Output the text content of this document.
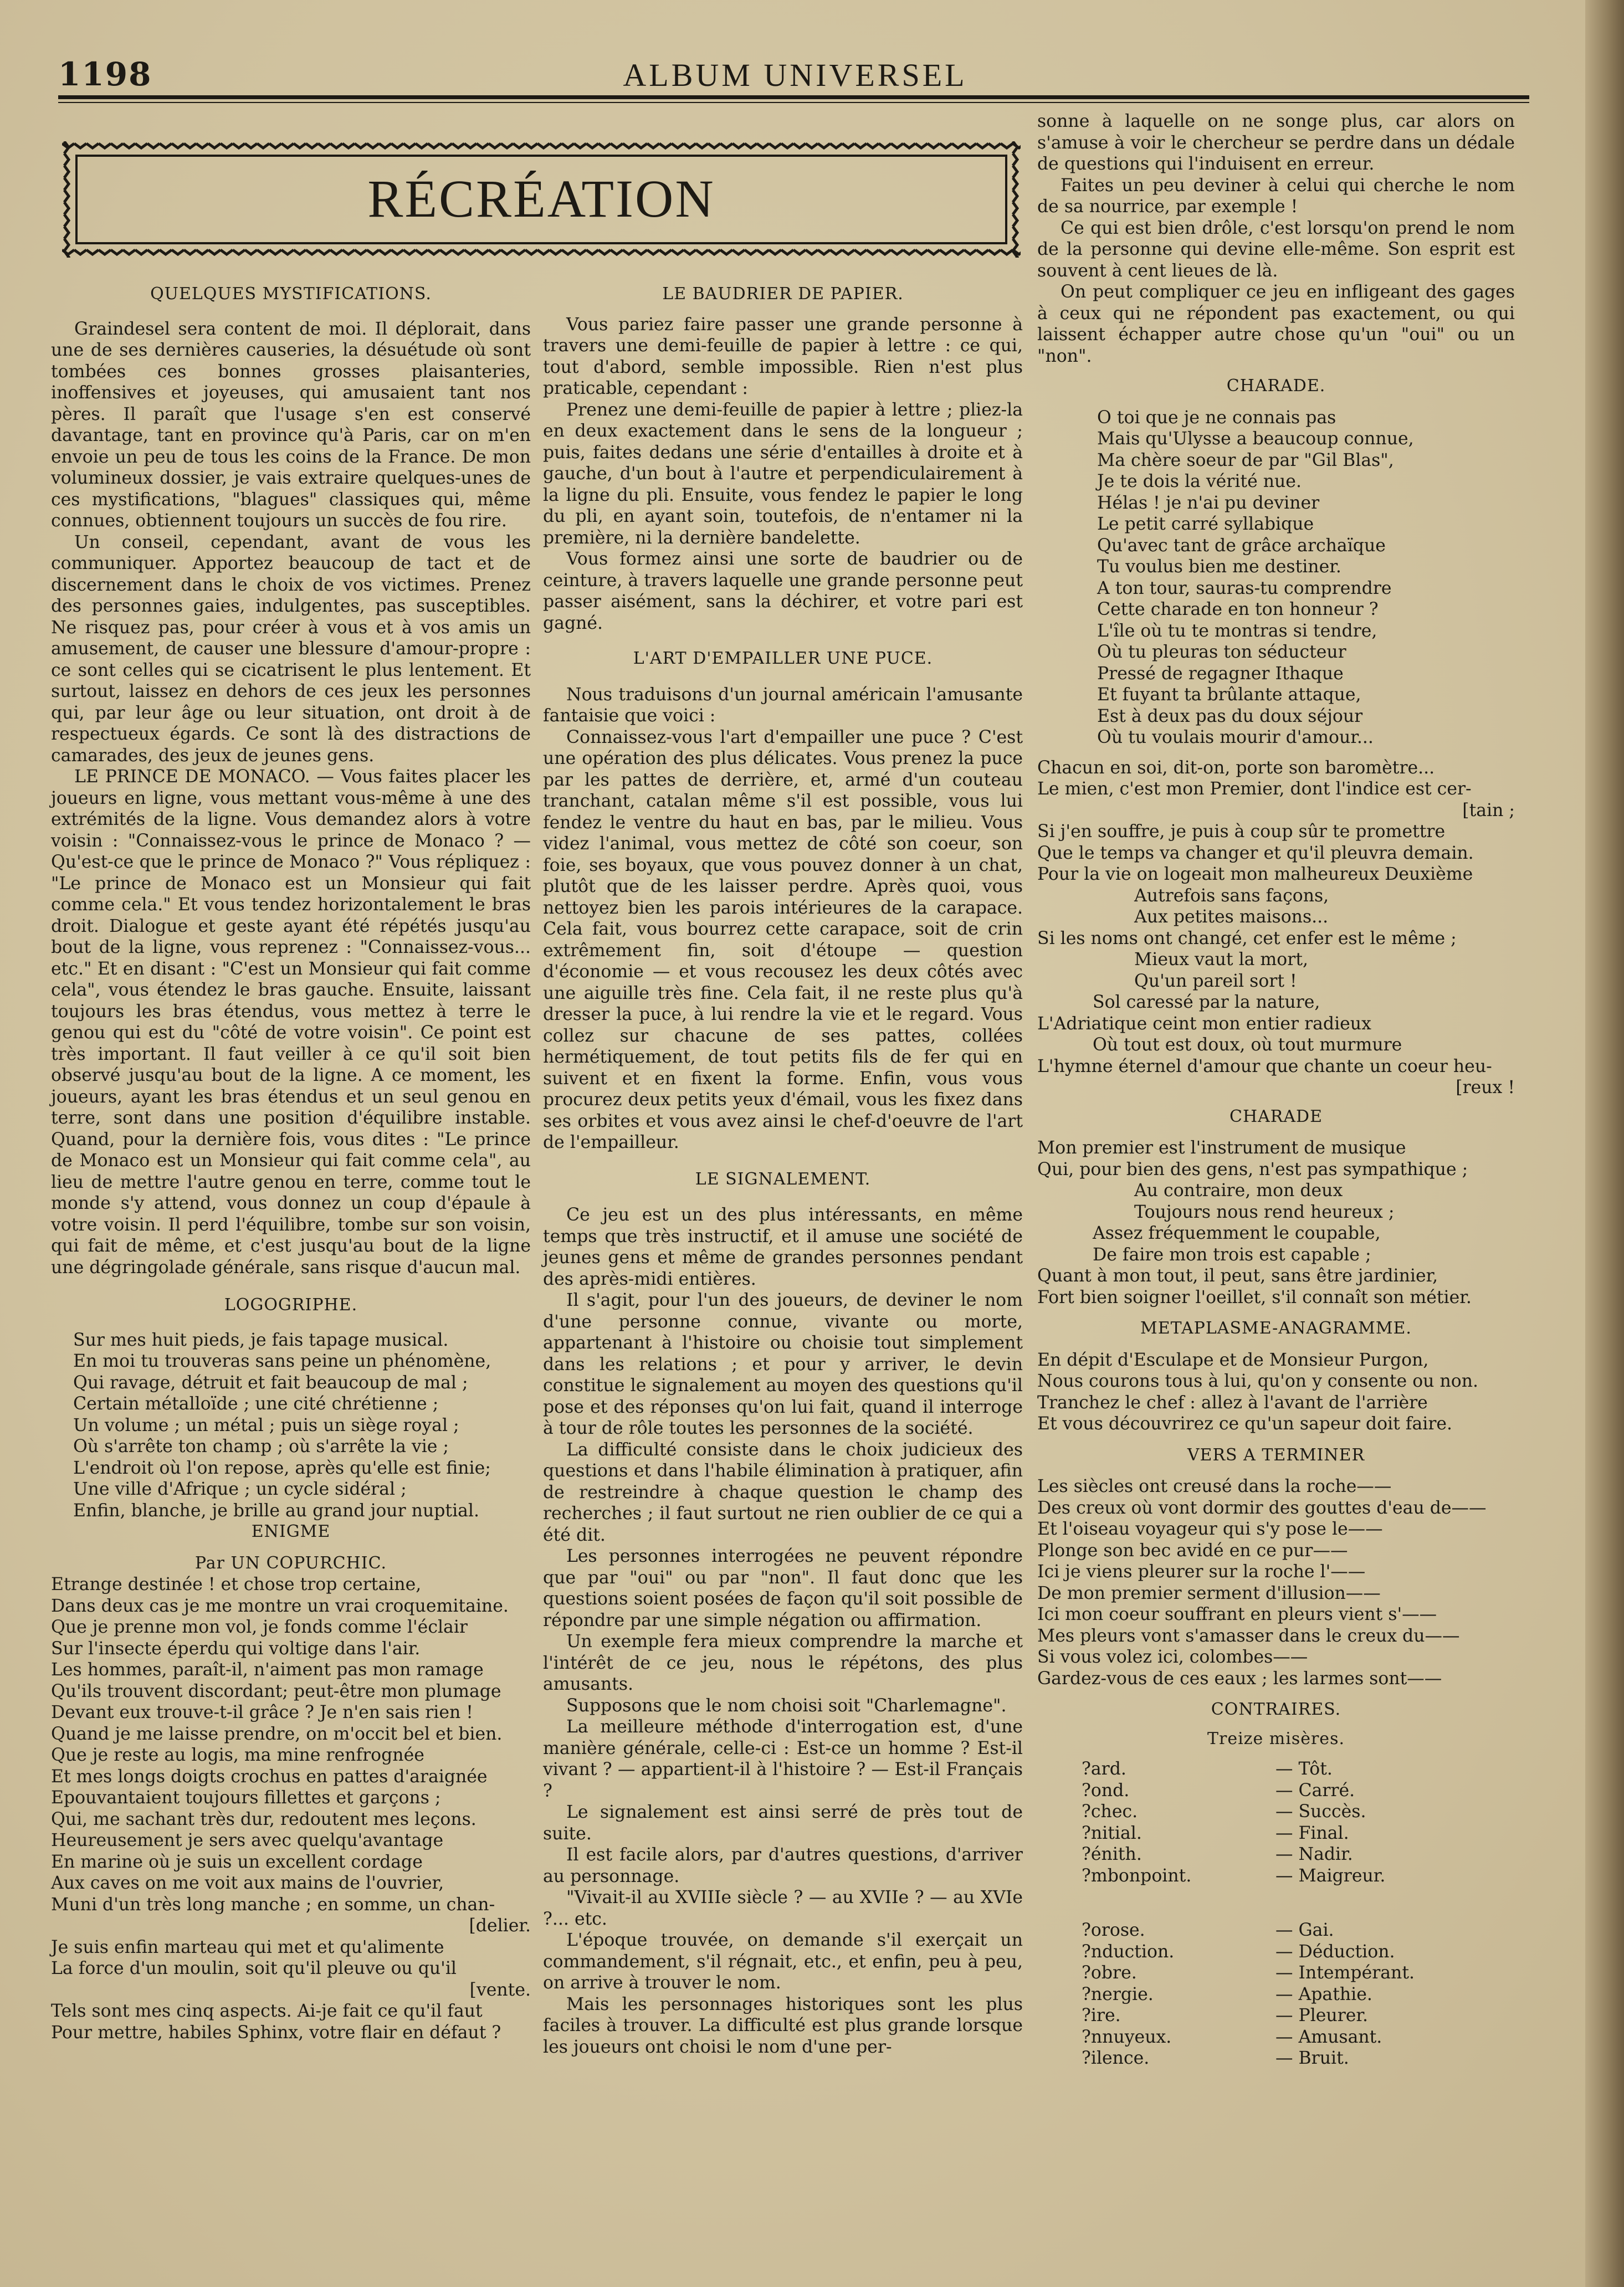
1198	ALBUM UNIVERSEL
RÉCRÉATION

QUELQUES MYSTIFICATIONS.

Graindesel sera content de moi. Il déplorait, dans une de ses dernières causeries, la désuétude où sont tombées ces bonnes grosses plaisanteries, inoffensives et joyeuses, qui amusaient tant nos pères. Il paraît que l'usage s'en est conservé davantage, tant en province qu'à Paris, car on m'en envoie un peu de tous les coins de la France. De mon volumineux dossier, je vais extraire quelques-unes de ces mystifications, "blagues" classiques qui, même connues, obtiennent toujours un succès de fou rire.

Un conseil, cependant, avant de vous les communiquer. Apportez beaucoup de tact et de discernement dans le choix de vos victimes. Prenez des personnes gaies, indulgentes, pas susceptibles. Ne risquez pas, pour créer à vous et à vos amis un amusement, de causer une blessure d'amour-propre : ce sont celles qui se cicatrisent le plus lentement. Et surtout, laissez en dehors de ces jeux les personnes qui, par leur âge ou leur situation, ont droit à de respectueux égards. Ce sont là des distractions de camarades, des jeux de jeunes gens.

LE PRINCE DE MONACO. — Vous faites placer les joueurs en ligne, vous mettant vous-même à une des extrémités de la ligne. Vous demandez alors à votre voisin : "Connaissez-vous le prince de Monaco ? — Qu'est-ce que le prince de Monaco ?" Vous répliquez : "Le prince de Monaco est un Monsieur qui fait comme cela." Et vous tendez horizontalement le bras droit. Dialogue et geste ayant été répétés jusqu'au bout de la ligne, vous reprenez : "Connaissez-vous... etc." Et en disant : "C'est un Monsieur qui fait comme cela", vous étendez le bras gauche. Ensuite, laissant toujours les bras étendus, vous mettez à terre le genou qui est du "côté de votre voisin". Ce point est très important. Il faut veiller à ce qu'il soit bien observé jusqu'au bout de la ligne. A ce moment, les joueurs, ayant les bras étendus et un seul genou en terre, sont dans une position d'équilibre instable. Quand, pour la dernière fois, vous dites : "Le prince de Monaco est un Monsieur qui fait comme cela", au lieu de mettre l'autre genou en terre, comme tout le monde s'y attend, vous donnez un coup d'épaule à votre voisin. Il perd l'équilibre, tombe sur son voisin, qui fait de même, et c'est jusqu'au bout de la ligne une dégringolade générale, sans risque d'aucun mal.

LOGOGRIPHE.

Sur mes huit pieds, je fais tapage musical.
En moi tu trouveras sans peine un phénomène,
Qui ravage, détruit et fait beaucoup de mal ;
Certain métalloïde ; une cité chrétienne ;
Un volume ; un métal ; puis un siège royal ;
Où s'arrête ton champ ; où s'arrête la vie ;
L'endroit où l'on repose, après qu'elle est finie;
Une ville d'Afrique ; un cycle sidéral ;
Enfin, blanche, je brille au grand jour nuptial.

ENIGME

Par UN COPURCHIC.

Etrange destinée ! et chose trop certaine,
Dans deux cas je me montre un vrai croquemitaine.
Que je prenne mon vol, je fonds comme l'éclair
Sur l'insecte éperdu qui voltige dans l'air.
Les hommes, paraît-il, n'aiment pas mon ramage
Qu'ils trouvent discordant; peut-être mon plumage
Devant eux trouve-t-il grâce ? Je n'en sais rien !
Quand je me laisse prendre, on m'occit bel et bien.
Que je reste au logis, ma mine renfrognée
Et mes longs doigts crochus en pattes d'araignée
Epouvantaient toujours fillettes et garçons ;
Qui, me sachant très dur, redoutent mes leçons.
Heureusement je sers avec quelqu'avantage
En marine où je suis un excellent cordage
Aux caves on me voit aux mains de l'ouvrier,
Muni d'un très long manche ; en somme, un chan-
[delier.
Je suis enfin marteau qui met et qu'alimente
La force d'un moulin, soit qu'il pleuve ou qu'il
[vente.
Tels sont mes cinq aspects. Ai-je fait ce qu'il faut
Pour mettre, habiles Sphinx, votre flair en défaut ?

LE BAUDRIER DE PAPIER.

Vous pariez faire passer une grande personne à travers une demi-feuille de papier à lettre : ce qui, tout d'abord, semble impossible. Rien n'est plus praticable, cependant :

Prenez une demi-feuille de papier à lettre ; pliez-la en deux exactement dans le sens de la longueur ; puis, faites dedans une série d'entailles à droite et à gauche, d'un bout à l'autre et perpendiculairement à la ligne du pli. Ensuite, vous fendez le papier le long du pli, en ayant soin, toutefois, de n'entamer ni la première, ni la dernière bandelette.

Vous formez ainsi une sorte de baudrier ou de ceinture, à travers laquelle une grande personne peut passer aisément, sans la déchirer, et votre pari est gagné.

L'ART D'EMPAILLER UNE PUCE.

Nous traduisons d'un journal américain l'amusante fantaisie que voici :

Connaissez-vous l'art d'empailler une puce ? C'est une opération des plus délicates. Vous prenez la puce par les pattes de derrière, et, armé d'un couteau tranchant, catalan même s'il est possible, vous lui fendez le ventre du haut en bas, par le milieu. Vous videz l'animal, vous mettez de côté son coeur, son foie, ses boyaux, que vous pouvez donner à un chat, plutôt que de les laisser perdre. Après quoi, vous nettoyez bien les parois intérieures de la carapace. Cela fait, vous bourrez cette carapace, soit de crin extrêmement fin, soit d'étoupe — question d'économie — et vous recousez les deux côtés avec une aiguille très fine. Cela fait, il ne reste plus qu'à dresser la puce, à lui rendre la vie et le regard. Vous collez sur chacune de ses pattes, collées hermétiquement, de tout petits fils de fer qui en suivent et en fixent la forme. Enfin, vous vous procurez deux petits yeux d'émail, vous les fixez dans ses orbites et vous avez ainsi le chef-d'oeuvre de l'art de l'empailleur.

LE SIGNALEMENT.

Ce jeu est un des plus intéressants, en même temps que très instructif, et il amuse une société de jeunes gens et même de grandes personnes pendant des après-midi entières.

Il s'agit, pour l'un des joueurs, de deviner le nom d'une personne connue, vivante ou morte, appartenant à l'histoire ou choisie tout simplement dans les relations ; et pour y arriver, le devin constitue le signalement au moyen des questions qu'il pose et des réponses qu'on lui fait, quand il interroge à tour de rôle toutes les personnes de la société.

La difficulté consiste dans le choix judicieux des questions et dans l'habile élimination à pratiquer, afin de restreindre à chaque question le champ des recherches ; il faut surtout ne rien oublier de ce qui a été dit.

Les personnes interrogées ne peuvent répondre que par "oui" ou par "non". Il faut donc que les questions soient posées de façon qu'il soit possible de répondre par une simple négation ou affirmation.

Un exemple fera mieux comprendre la marche et l'intérêt de ce jeu, nous le répétons, des plus amusants.

Supposons que le nom choisi soit "Charlemagne".

La meilleure méthode d'interrogation est, d'une manière générale, celle-ci : Est-ce un homme ? Est-il vivant ? — appartient-il à l'histoire ? — Est-il Français ?

Le signalement est ainsi serré de près tout de suite.

Il est facile alors, par d'autres questions, d'arriver au personnage.

"Vivait-il au XVIIIe siècle ? — au XVIIe ? — au XVIe ?... etc.

L'époque trouvée, on demande s'il exerçait un commandement, s'il régnait, etc., et enfin, peu à peu, on arrive à trouver le nom.

Mais les personnages historiques sont les plus faciles à trouver. La difficulté est plus grande lorsque les joueurs ont choisi le nom d'une per-

sonne à laquelle on ne songe plus, car alors on s'amuse à voir le chercheur se perdre dans un dédale de questions qui l'induisent en erreur.

Faites un peu deviner à celui qui cherche le nom de sa nourrice, par exemple !

Ce qui est bien drôle, c'est lorsqu'on prend le nom de la personne qui devine elle-même. Son esprit est souvent à cent lieues de là.

On peut compliquer ce jeu en infligeant des gages à ceux qui ne répondent pas exactement, ou qui laissent échapper autre chose qu'un "oui" ou un "non".

CHARADE.

O toi que je ne connais pas
Mais qu'Ulysse a beaucoup connue,
Ma chère soeur de par "Gil Blas",
Je te dois la vérité nue.
Hélas ! je n'ai pu deviner
Le petit carré syllabique
Qu'avec tant de grâce archaïque
Tu voulus bien me destiner.
A ton tour, sauras-tu comprendre
Cette charade en ton honneur ?
L'île où tu te montras si tendre,
Où tu pleuras ton séducteur
Pressé de regagner Ithaque
Et fuyant ta brûlante attaque,
Est à deux pas du doux séjour
Où tu voulais mourir d'amour...
Chacun en soi, dit-on, porte son baromètre...
Le mien, c'est mon Premier, dont l'indice est cer-
[tain ;
Si j'en souffre, je puis à coup sûr te promettre
Que le temps va changer et qu'il pleuvra demain.
Pour la vie on logeait mon malheureux Deuxième
Autrefois sans façons,
Aux petites maisons...
Si les noms ont changé, cet enfer est le même ;
Mieux vaut la mort,
Qu'un pareil sort !
Sol caressé par la nature,
L'Adriatique ceint mon entier radieux
Où tout est doux, où tout murmure
L'hymne éternel d'amour que chante un coeur heu-
[reux !

CHARADE

Mon premier est l'instrument de musique
Qui, pour bien des gens, n'est pas sympathique ;
Au contraire, mon deux
Toujours nous rend heureux ;
Assez fréquemment le coupable,
De faire mon trois est capable ;
Quant à mon tout, il peut, sans être jardinier,
Fort bien soigner l'oeillet, s'il connaît son métier.

METAPLASME-ANAGRAMME.

En dépit d'Esculape et de Monsieur Purgon,
Nous courons tous à lui, qu'on y consente ou non.
Tranchez le chef : allez à l'avant de l'arrière
Et vous découvrirez ce qu'un sapeur doit faire.

VERS A TERMINER

Les siècles ont creusé dans la roche——
Des creux où vont dormir des gouttes d'eau de——
Et l'oiseau voyageur qui s'y pose le——
Plonge son bec avidé en ce pur——
Ici je viens pleurer sur la roche l'——
De mon premier serment d'illusion——
Ici mon coeur souffrant en pleurs vient s'——
Mes pleurs vont s'amasser dans le creux du——
Si vous volez ici, colombes——
Gardez-vous de ces eaux ; les larmes sont——

CONTRAIRES.

Treize misères.

?ard.	— Tôt.
?ond.	— Carré.
?chec.	— Succès.
?nitial.	— Final.
?énith.	— Nadir.
?mbonpoint.	— Maigreur.
?orose.	— Gai.
?nduction.	— Déduction.
?obre.	— Intempérant.
?nergie.	— Apathie.
?ire.	— Pleurer.
?nnuyeux.	— Amusant.
?ilence.	— Bruit.
